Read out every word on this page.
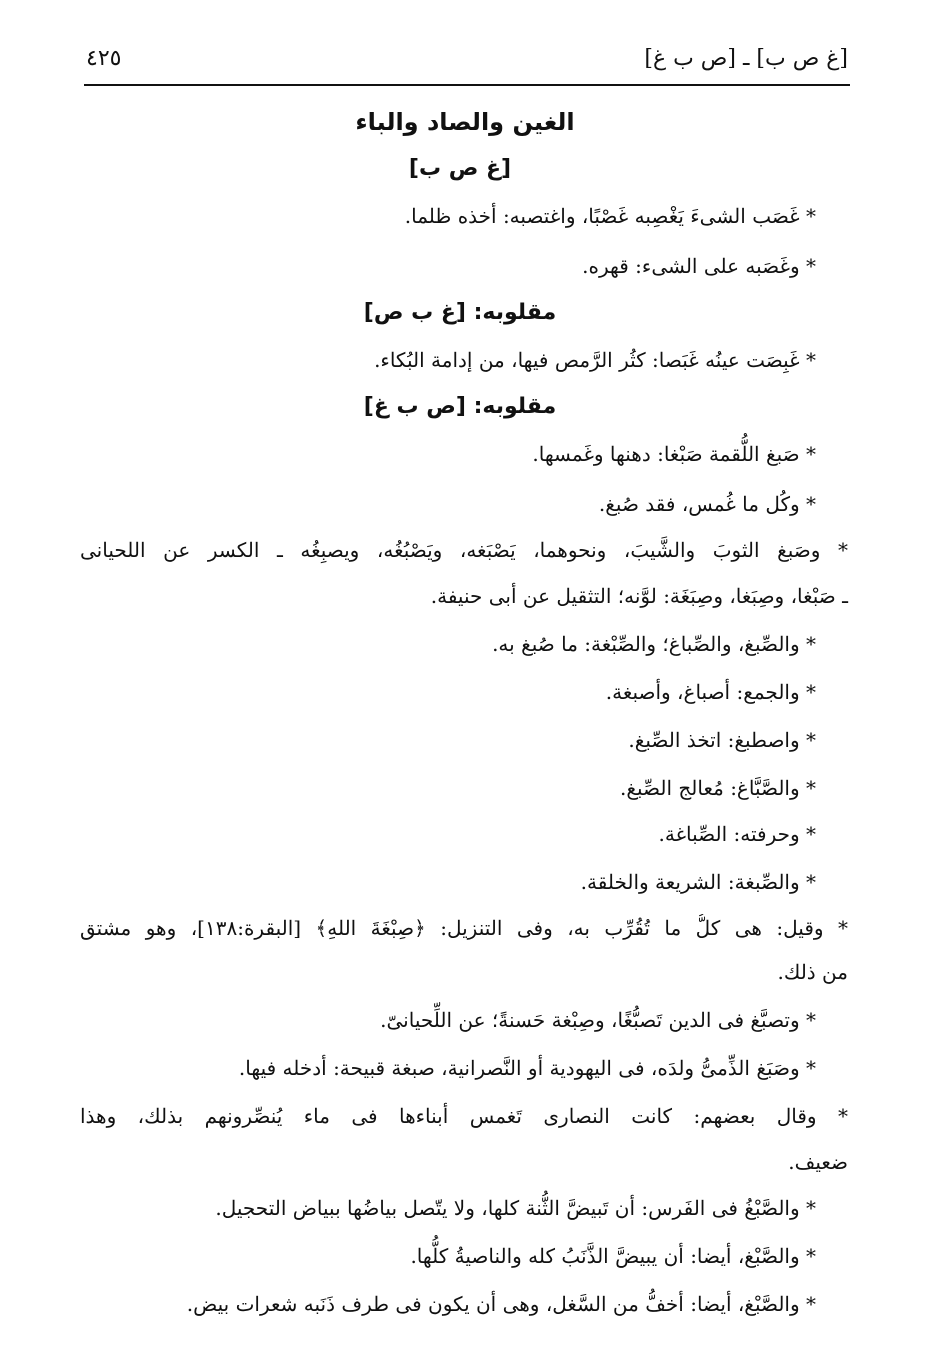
[غ ص ب] ـ [ص ب غ]
٤٢٥
الغين والصاد والباء
[غ ص ب]
* غَصَب الشىءَ يَغْصِبه غَصْبًا، واغتصبه: أخذه ظلما.
* وغَصَبه على الشىء: قهره.
مقلوبه: [غ ب ص]
* غَبِصَت عينُه غَبَصا: كثُر الرَّمص فيها، من إدامة البُكاء.
مقلوبه: [ص ب غ]
* صَبغ اللُّقمة صَبْغا: دهنها وغَمسها.
* وكُل ما غُمس، فقد صُبغ.
* وصَبغ الثوبَ والشَّيبَ، ونحوهما، يَصْبَغه، ويَصْبُغُه، ويصبِغُه ـ الكسر عن اللحيانى
ـ صَبْغا، وصِبَغا، وصِبَغَة: لوَّنه؛ التثقيل عن أبى حنيفة.
* والصِّبغ، والصِّباغ؛ والصِّبْغة: ما صُبغ به.
* والجمع: أصباغ، وأصبغة.
* واصطبغ: اتخذ الصِّبغ.
* والصَّبَّاغ: مُعالج الصِّبغ.
* وحرفته: الصِّباغة.
* والصِّبغة: الشريعة والخلقة.
* وقيل: هى كلُّ ما تُقُرِّب به، وفى التنزيل: ﴿صِبْغَةَ اللهِ﴾ [البقرة:١٣٨]، وهو مشتق
من ذلك.
* وتصبَّغ فى الدين تَصبُّغًا، وصِبْغة حَسنةً؛ عن اللِّحيانىّ.
* وصَبَغ الذِّمىُّ ولدَه، فى اليهودية أو النَّصرانية، صبغة قبيحة: أدخله فيها.
* وقال بعضهم: كانت النصارى تَغمس أبناءها فى ماء يُنصِّرونهم بذلك، وهذا
ضعيف.
* والصَّبْغُ فى الفَرس: أن تَبيضَّ الثُّنة كلها، ولا يتّصل بياضُها ببياض التحجيل.
* والصَّبْغ، أيضا: أن يبيضَّ الذَّنَبُ كله والناصيةُ كلُّها.
* والصَّبْغ، أيضا: أخفُّ من السَّغل، وهى أن يكون فى طرف ذَنَبه شعرات بيض.
